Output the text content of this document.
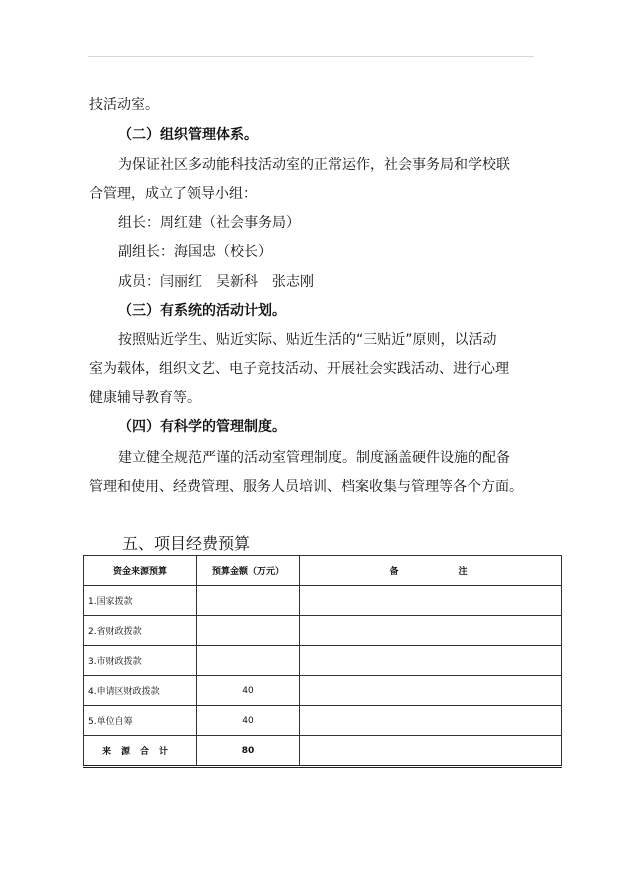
技活动室。
（二）组织管理体系。
为保证社区多动能科技活动室的正常运作，社会事务局和学校联
合管理，成立了领导小组：
组长：周红建（社会事务局）
副组长：海国忠（校长）
成员：闫丽红　吴新科　张志刚
（三）有系统的活动计划。
按照贴近学生、贴近实际、贴近生活的“三贴近”原则，以活动
室为载体，组织文艺、电子竞技活动、开展社会实践活动、进行心理
健康辅导教育等。
（四）有科学的管理制度。
建立健全规范严谨的活动室管理制度。制度涵盖硬件设施的配备
管理和使用、经费管理、服务人员培训、档案收集与管理等各个方面。
五、项目经费预算
资金来源预算	预算金额（万元）	备注
1.国家拨款		
2.省财政拨款		
3.市财政拨款		
4.申请区财政拨款	40	
5.单位自筹	40	
来源合计	80	
